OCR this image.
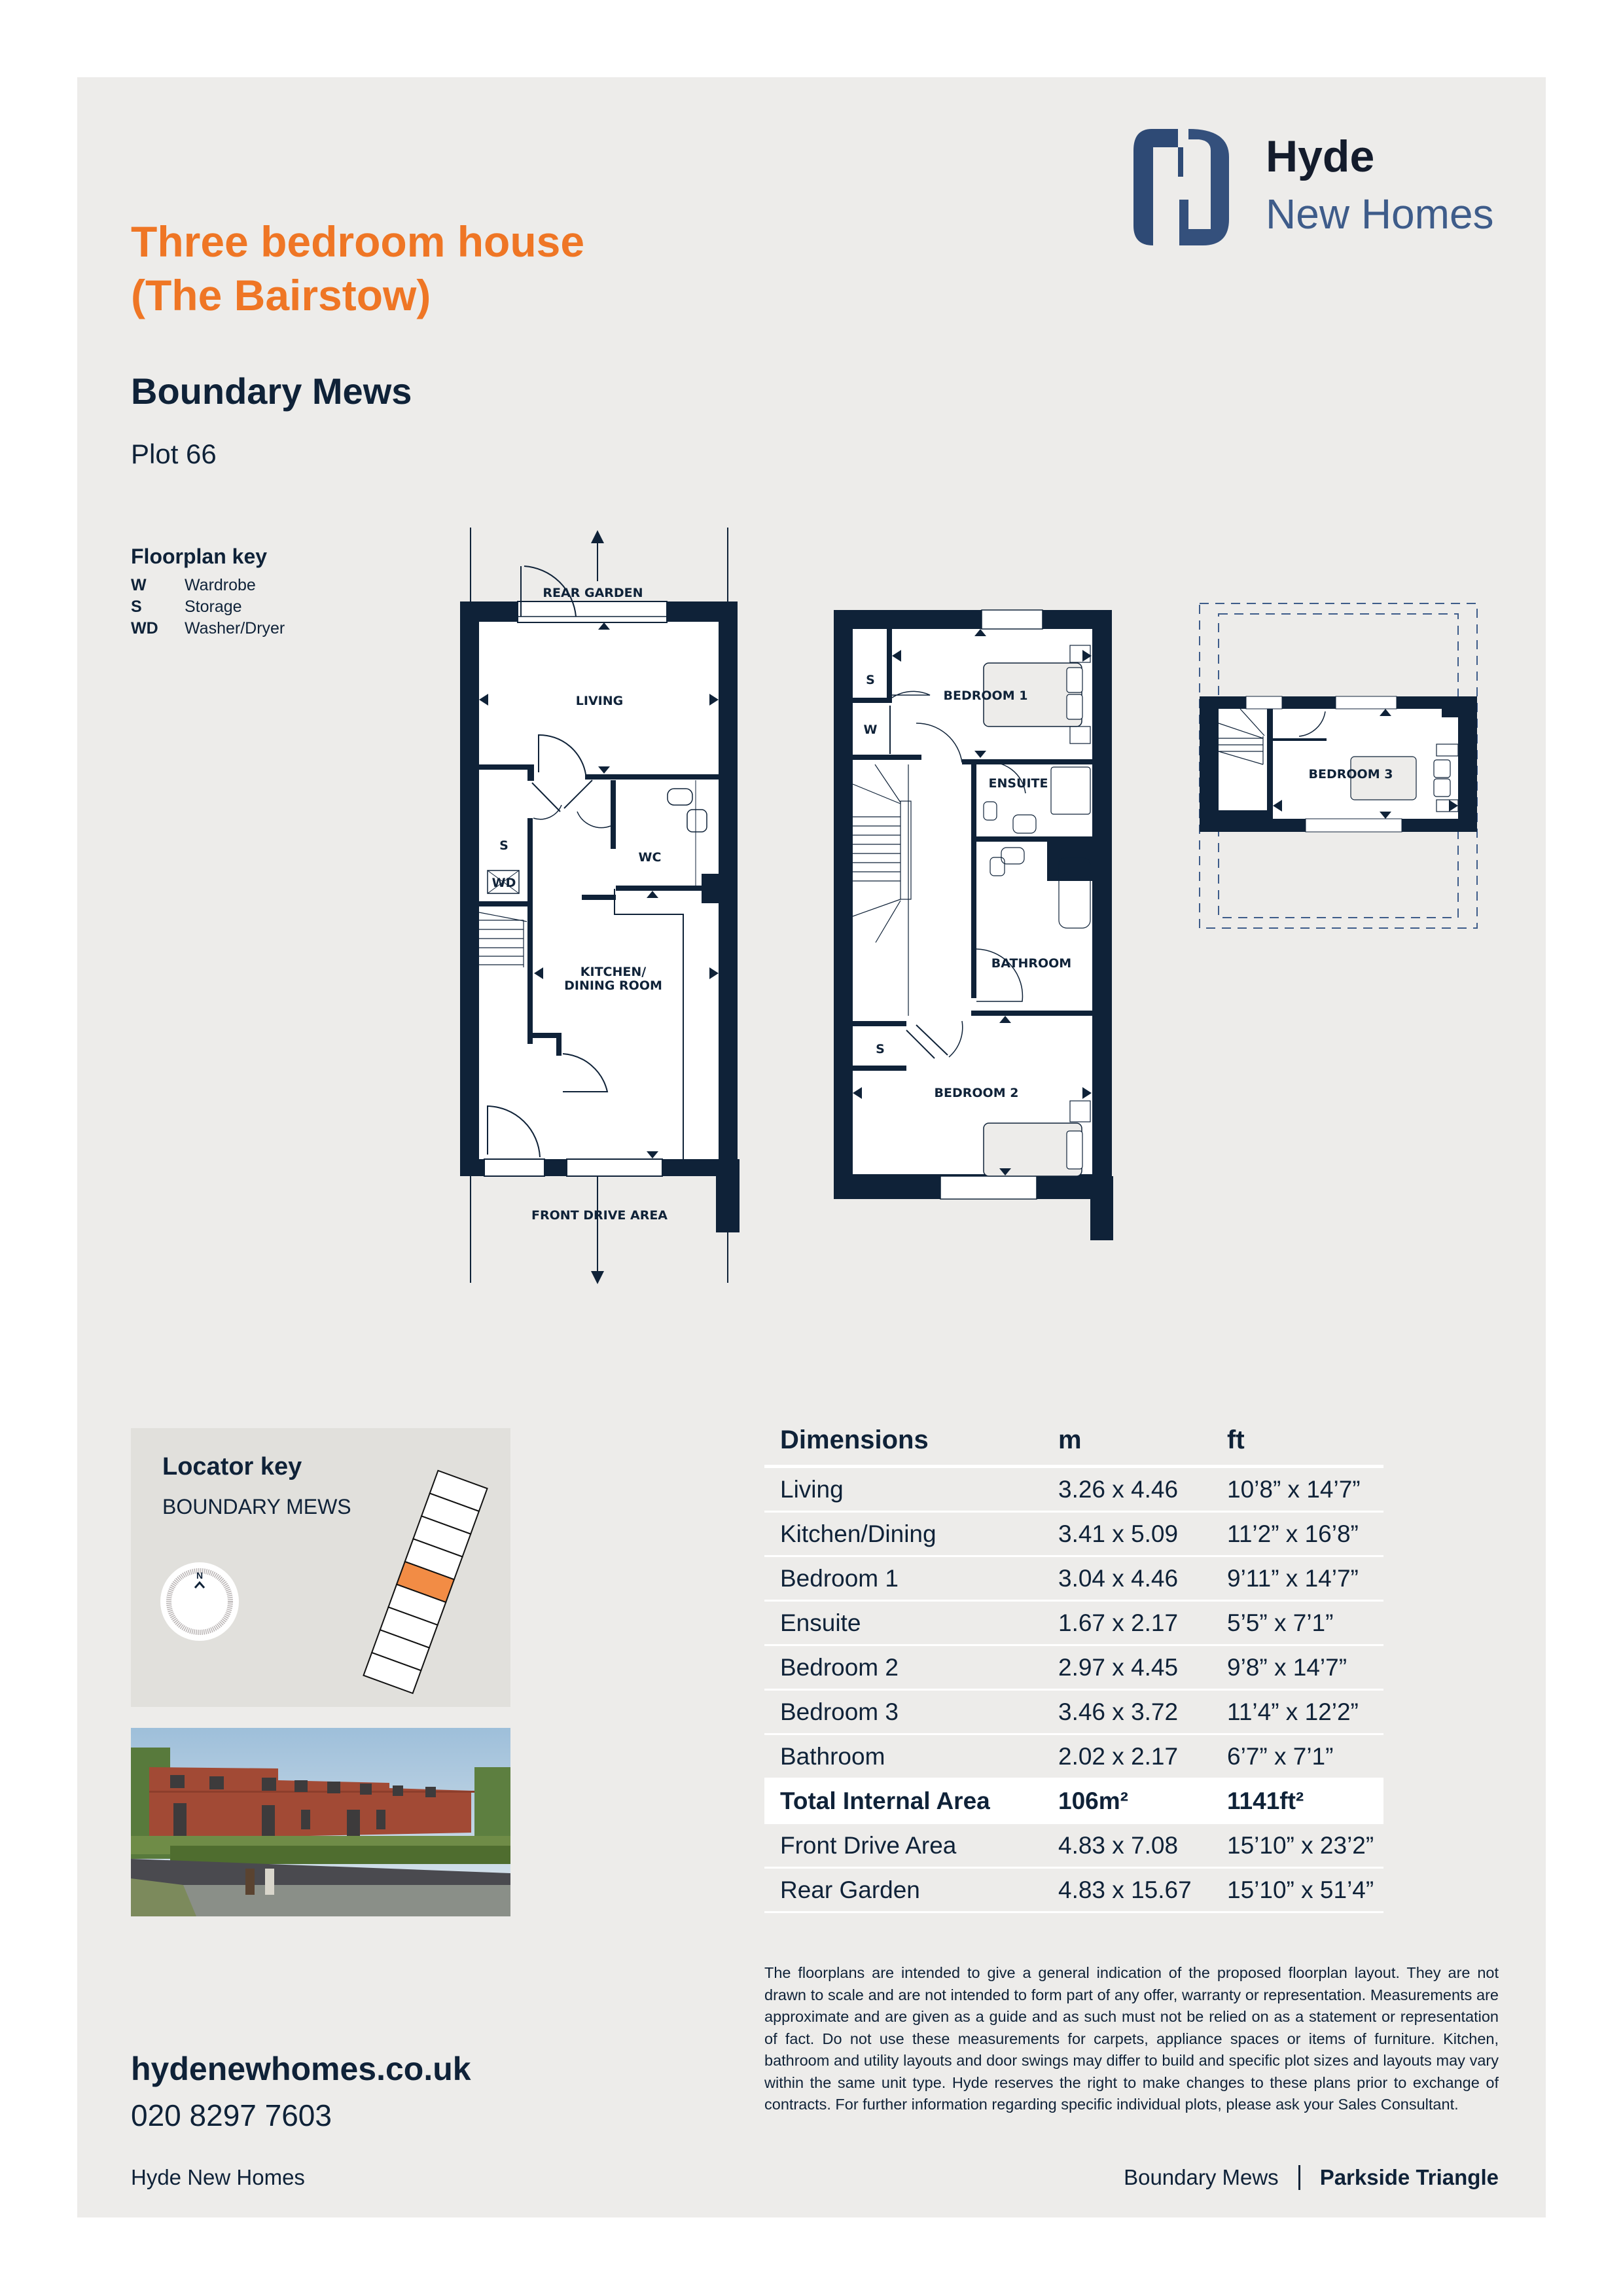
Three bedroom house
(The Bairstow)
Boundary Mews
Plot 66
Hyde
New Homes
Floorplan key
W Wardrobe
S	Storage
WD Washer/Dryer
REAR GARDEN
LIVING
S
WD
WC
KITCHEN/
DINING ROOM
FRONT DRIVE AREA
S
W
BEDROOM 1
ENSUITE
BATHROOM
S
BEDROOM 2
BEDROOM 3
Locator key
BOUNDARY MEWS
N
Dimensions	m	ft
Living	3.26 x 4.46	10’8” x 14’7”
Kitchen/Dining	3.41 x 5.09	11’2” x 16’8”
Bedroom 1	3.04 x 4.46	9’11” x 14’7”
Ensuite	1.67 x 2.17	5’5” x 7’1”
Bedroom 2	2.97 x 4.45	9’8” x 14’7”
Bedroom 3	3.46 x 3.72	11’4” x 12’2”
Bathroom	2.02 x 2.17	6’7” x 7’1”
Total Internal Area	106m²	1141ft²
Front Drive Area	4.83 x 7.08	15’10” x 23’2”
Rear Garden	4.83 x 15.67	15’10” x 51’4”
The floorplans are intended to give a general indication of the proposed floorplan layout. They are not drawn to scale and are not intended to form part of any offer, warranty or representation. Measurements are approximate and are given as a guide and as such must not be relied on as a statement or representation of fact. Do not use these measurements for carpets, appliance spaces or items of furniture. Kitchen, bathroom and utility layouts and door swings may differ to build and specific plot sizes and layouts may vary within the same unit type. Hyde reserves the right to make changes to these plans prior to exchange of contracts. For further information regarding specific individual plots, please ask your Sales Consultant.
hydenewhomes.co.uk
020 8297 7603
Hyde New Homes	Boundary Mews Parkside Triangle
